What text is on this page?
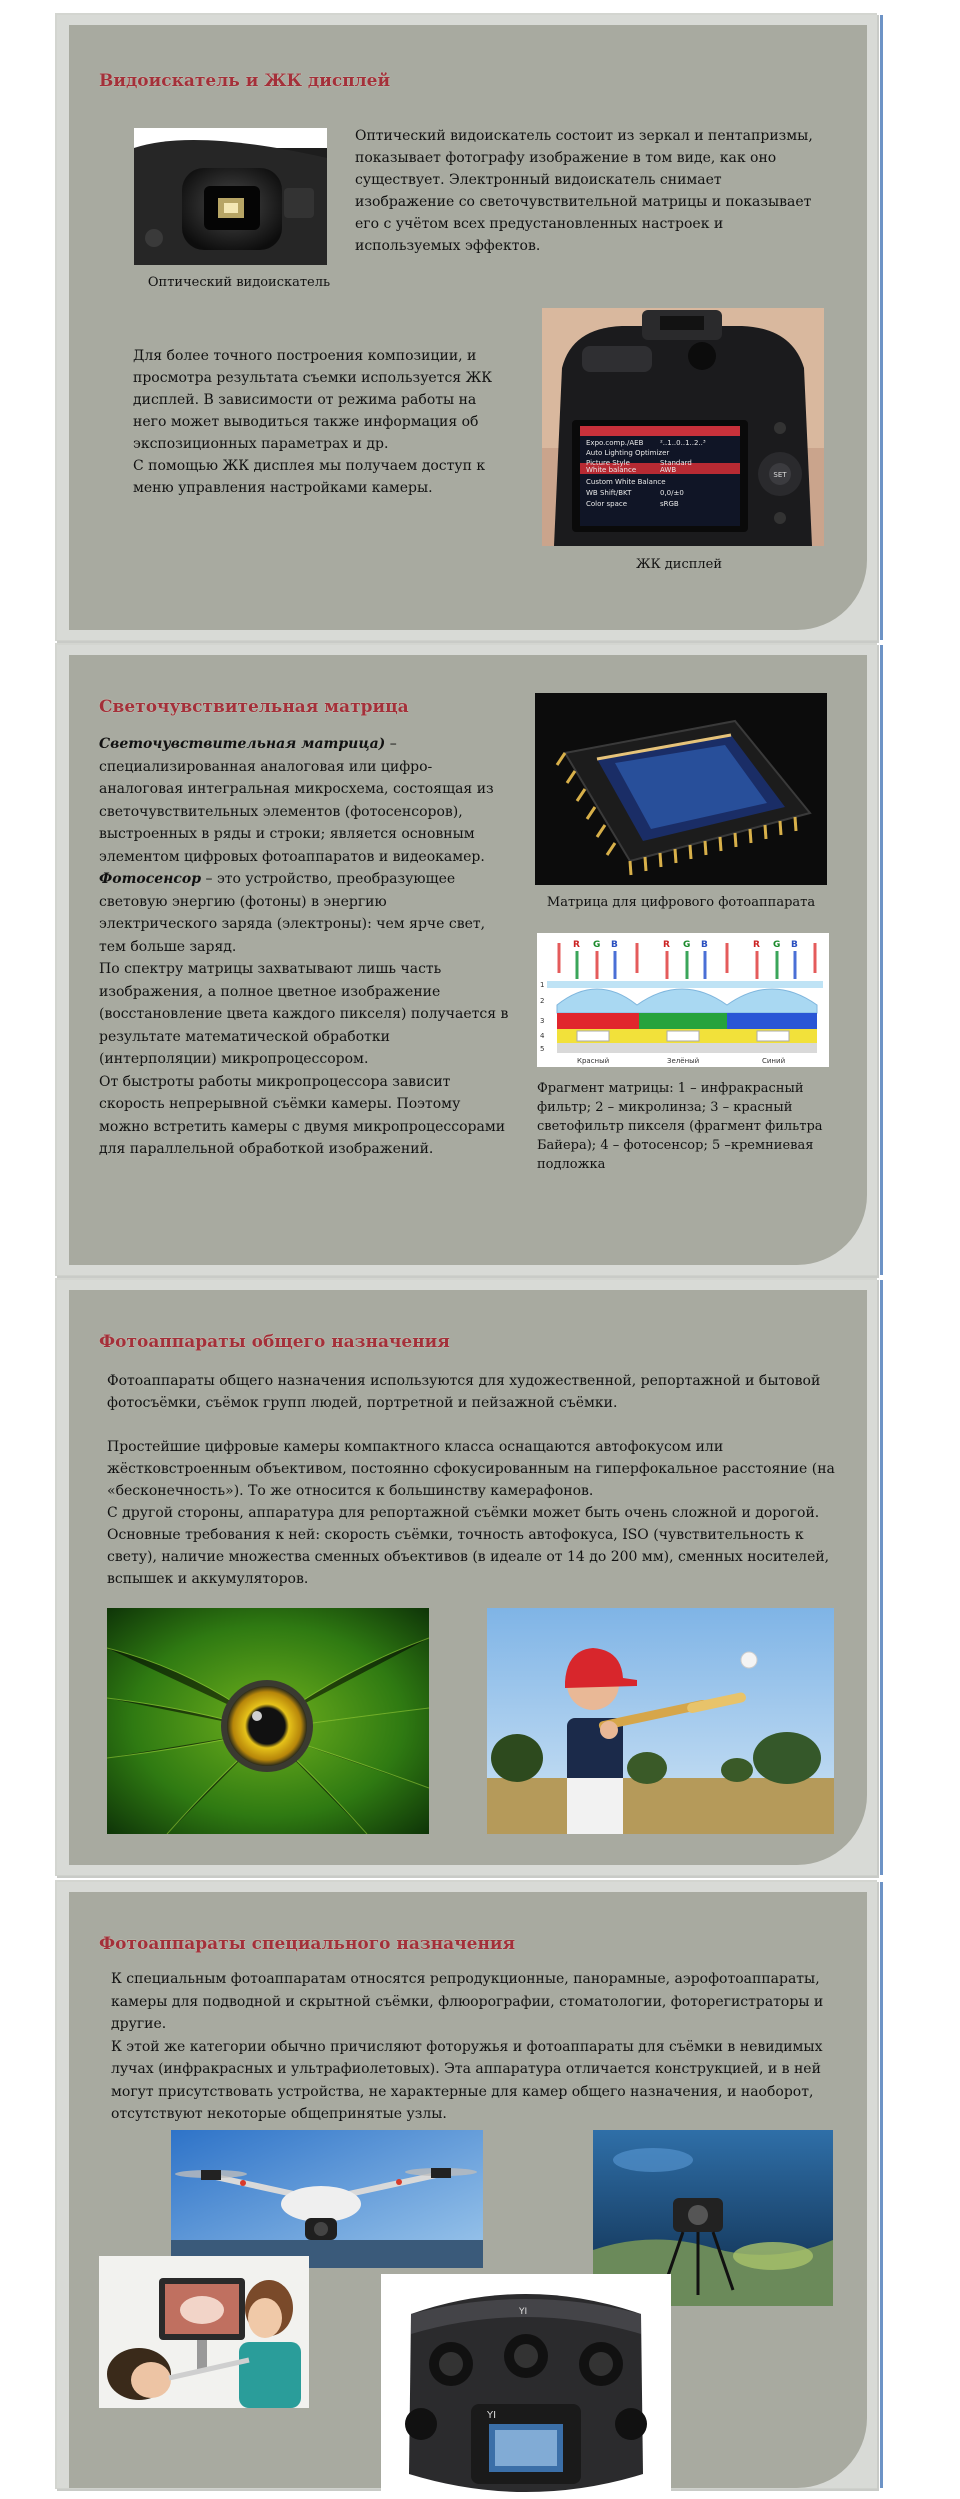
Видоискатель и ЖК дисплей
Оптический видоискатель

Оптический видоискатель состоит из зеркал и пентапризмы, показывает фотографу изображение в том виде, как оно существует. Электронный видоискатель снимает изображение со светочувствительной матрицы и показывает его с учётом всех предустановленных настроек и используемых эффектов.

Для более точного построения композиции, и просмотра результата съемки используется ЖК дисплей. В зависимости от режима работы на него может выводиться также информация об экспозиционных параметрах и др.

С помощью ЖК дисплея мы получаем доступ к меню управления настройками камеры.

Expo.comp./AEB ²..1..0..1..2..³
Auto Lighting Optimizer
Picture Style	Standard
White balance	AWB
Custom White Balance
WB Shift/BKT	0,0/±0
Color space	sRGB
SET
ЖК дисплей
Светочувствительная матрица

Светочувствительная матрица) – специализированная аналоговая или цифро-аналоговая интегральная микросхема, состоящая из светочувствительных элементов (фотосенсоров), выстроенных в ряды и строки; является основным элементом цифровых фотоаппаратов и видеокамер.

Фотосенсор – это устройство, преобразующее световую энергию (фотоны) в энергию электрического заряда (электроны): чем ярче свет, тем больше заряд.

По спектру матрицы захватывают лишь часть изображения, а полное цветное изображение (восстановление цвета каждого пикселя) получается в результате математической обработки (интерполяции) микропроцессором.

От быстроты работы микропроцессора зависит скорость непрерывной съёмки камеры. Поэтому можно встретить камеры с двумя микропроцессорами для параллельной обработкой изображений.

Матрица для цифрового фотоаппарата
R G B	R G B	R G B
1
2
3
4
5
Красный	Зелёный	Синий
Фрагмент матрицы: 1 – инфракрасный фильтр; 2 – микролинза; 3 – красный светофильтр пикселя (фрагмент фильтра Байера); 4 – фотосенсор; 5 –кремниевая подложка
Фотоаппараты общего назначения

Фотоаппараты общего назначения используются для художественной, репортажной и бытовой фотосъёмки, съёмок групп людей, портретной и пейзажной съёмки.

Простейшие цифровые камеры компактного класса оснащаются автофокусом или жёстковстроенным объективом, постоянно сфокусированным на гиперфокальное расстояние (на «бесконечность»). То же относится к большинству камерафонов.

С другой стороны, аппаратура для репортажной съёмки может быть очень сложной и дорогой. Основные требования к ней: скорость съёмки, точность автофокуса, ISO (чувствительность к свету), наличие множества сменных объективов (в идеале от 14 до 200 мм), сменных носителей, вспышек и аккумуляторов.

Фотоаппараты специального назначения

К специальным фотоаппаратам относятся репродукционные, панорамные, аэрофотоаппараты, камеры для подводной и скрытной съёмки, флюорографии, стоматологии, фоторегистраторы и другие.

К этой же категории обычно причисляют фоторужья и фотоаппараты для съёмки в невидимых лучах (инфракрасных и ультрафиолетовых). Эта аппаратура отличается конструкцией, и в ней могут присутствовать устройства, не характерные для камер общего назначения, и наоборот, отсутствуют некоторые общепринятые узлы.

YI
YI
